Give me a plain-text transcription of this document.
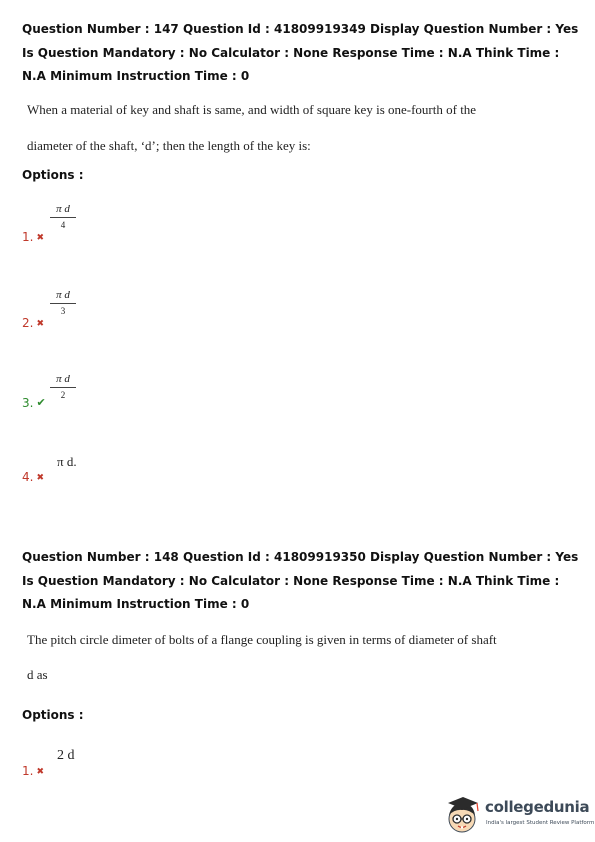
Question Number : 147 Question Id : 41809919349 Display Question Number : Yes Is Question Mandatory : No Calculator : None Response Time : N.A Think Time : N.A Minimum Instruction Time : 0
When a material of key and shaft is same, and width of square key is one-fourth of the
diameter of the shaft, ‘d’; then the length of the key is:
Options :
π d
4
1. ✖
π d
3
2. ✖
π d
2
3. ✔
π d.
4. ✖
Question Number : 148 Question Id : 41809919350 Display Question Number : Yes Is Question Mandatory : No Calculator : None Response Time : N.A Think Time : N.A Minimum Instruction Time : 0
The pitch circle dimeter of bolts of a flange coupling is given in terms of diameter of shaft
d as
Options :
2 d
1. ✖
collegedunia
India's largest Student Review Platform
